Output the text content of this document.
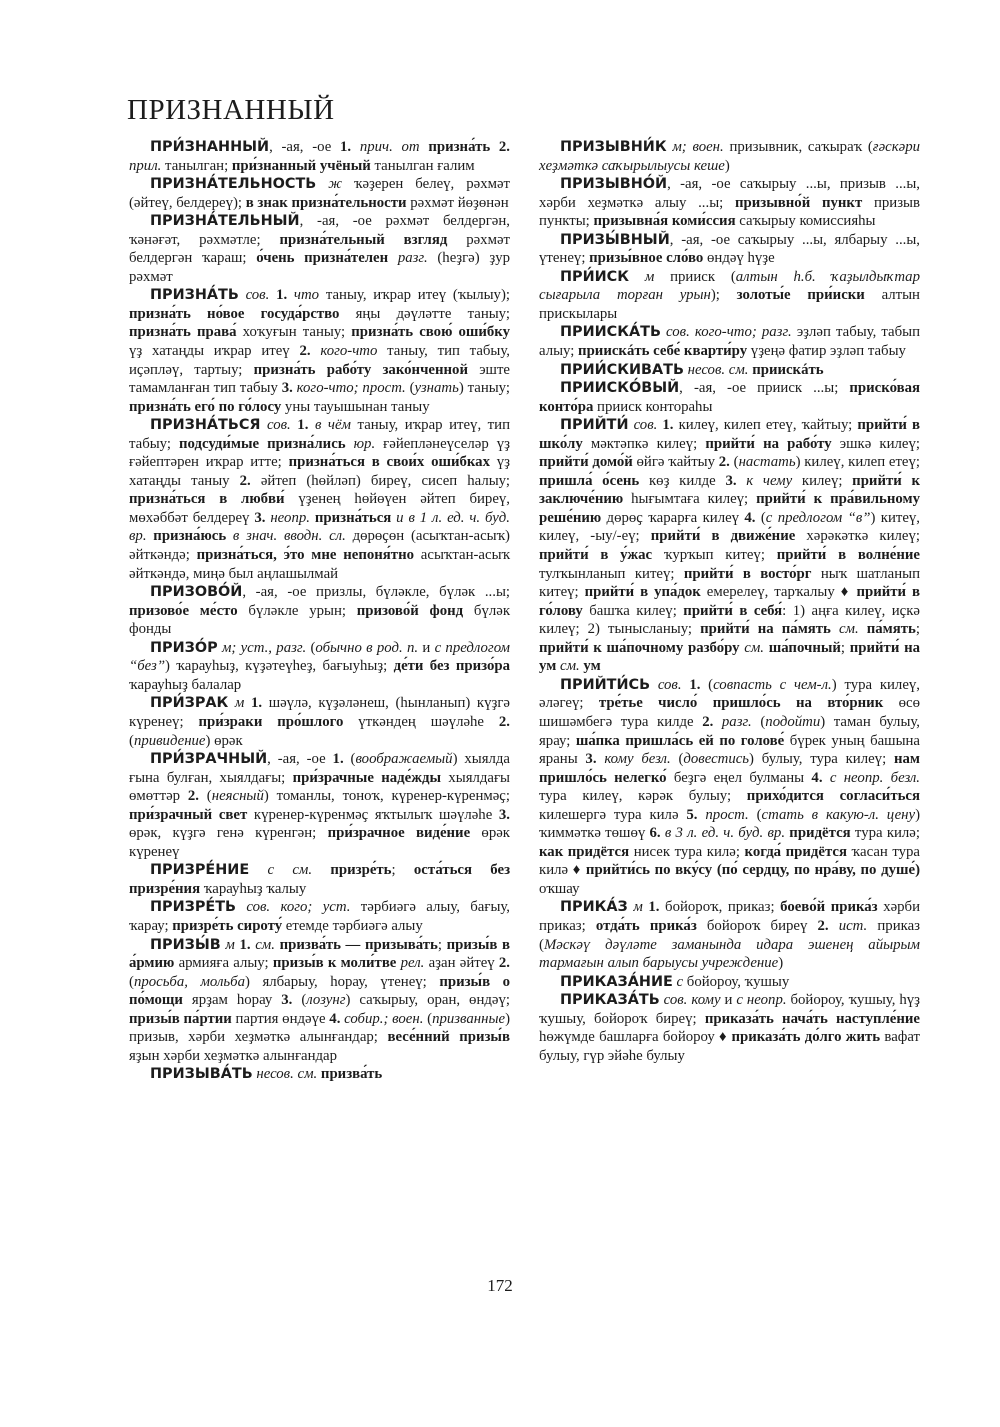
ПРИЗНАННЫЙ

ПРИ́ЗНАННЫЙ, -ая, -ое 1. прич. от призна́ть 2. прил. танылган; при́знанный учёный танылган ғалим

ПРИЗНА́ТЕЛЬНОСТЬ ж ҡәҙерен белеү, рәхмәт (әйтеү, белдереү); в знак призна́тельности рәхмәт йөҙөнән

ПРИЗНА́ТЕЛЬНЫЙ, -ая, -ое рәхмәт белдергән, ҡәнәғәт, рәхмәтле; призна́тельный взгляд рәхмәт белдергән ҡараш; о́чень призна́телен разг. (һеҙгә) ҙур рәхмәт

ПРИЗНА́ТЬ сов. 1. что таныу, иҡрар итеү (ҡылыу); призна́ть но́вое госуда́рство яңы дәүләтте таныу; призна́ть права́ хоҡуғын таныу; призна́ть свою́ оши́бку үҙ хатаңды иҡрар итеү 2. кого-что таныу, тип табыу, иҫәпләү, тартыу; призна́ть рабо́ту зако́нченной эште тамамланған тип табыу 3. кого-что; прост. (узнать) таныу; призна́ть его́ по го́лосу уны тауышынан таныу

ПРИЗНА́ТЬСЯ сов. 1. в чём таныу, иҡрар итеү, тип табыу; подсуди́мые призна́лись юр. ғәйепләнеүселәр үҙ ғәйептәрен иҡрар итте; призна́ться в свои́х оши́бках үҙ хатаңды таныу 2. әйтеп (һөйләп) биреү, сисеп һалыу; призна́ться в любви́ үҙенең һөйөүен әйтеп биреү, мөхәббәт белдереү 3. неопр. призна́ться и в 1 л. ед. ч. буд. вр. призна́юсь в знач. вводн. сл. дөрөҫөн (асыҡтан-асыҡ) әйткәндә; призна́ться, э́то мне непоня́тно асыҡтан-асыҡ әйткәндә, миңә был аңлашылмай

ПРИЗОВО́Й, -ая, -ое призлы, бүләкле, бүләк ...ы; призово́е ме́сто бүләкле урын; призово́й фонд бүләк фонды

ПРИЗО́Р м; уст., разг. (обычно в род. п. и с предлогом “без”) ҡарауһыҙ, күҙәтеүһеҙ, бағыуһыҙ; де́ти без призо́ра ҡарауһыҙ балалар

ПРИ́ЗРАК м 1. шәүлә, күҙәләнеш, (һынланып) күҙгә күренеү; при́зраки про́шлого үткәндең шәүләһе 2. (привидение) өрәк

ПРИ́ЗРАЧНЫЙ, -ая, -ое 1. (воображаемый) хыялда ғына булған, хыялдағы; при́зрачные наде́жды хыялдағы өмөттәр 2. (неясный) томанлы, тоноҡ, күренер-күренмәҫ; при́зрачный свет күренер-күренмәҫ яҡтылыҡ шәүләһе 3. өрәк, күҙгә генә күренгән; при́зрачное виде́ние өрәк күренеү

ПРИЗРЕ́НИЕ с см. призре́ть; оста́ться без призре́ния ҡарауһыҙ ҡалыу

ПРИЗРЕ́ТЬ сов. кого; уст. тәрбиәгә алыу, бағыу, ҡарау; призре́ть сироту́ етемде тәрбиәгә алыу

ПРИЗЫ́В м 1. см. призва́ть — призыва́ть; призы́в в а́рмию армияға алыу; призы́в к моли́тве рел. аҙан әйтеү 2. (просьба, мольба) ялбарыу, һорау, үтенеү; призы́в о по́мощи ярҙам һорау 3. (лозунг) саҡырыу, оран, өндәү; призы́в па́ртии партия өндәүе 4. собир.; воен. (призванные) призыв, хәрби хеҙмәткә алынғандар; весе́нний призы́в яҙын хәрби хеҙмәткә алынғандар

ПРИЗЫВА́ТЬ несов. см. призва́ть

ПРИЗЫВНИ́К м; воен. призывник, саҡыраҡ (ғәскәри хеҙмәткә саҡырылыусы кеше)

ПРИЗЫВНО́Й, -ая, -ое саҡырыу ...ы, призыв ...ы, хәрби хеҙмәткә алыу ...ы; призывно́й пункт призыв пункты; призывна́я коми́ссия саҡырыу комиссияһы

ПРИЗЫ́ВНЫЙ, -ая, -ое саҡырыу ...ы, ялбарыу ...ы, үтенеү; призы́вное сло́во өндәү һүҙе

ПРИ́ИСК м прииск (алтын һ.б. ҡаҙылдыҡтар сығарыла торған урын); золоты́е при́иски алтын прискылары

ПРИИСКА́ТЬ сов. кого-что; разг. эҙләп табыу, табып алыу; приискáть себе́ кварти́ру үҙеңә фатир эҙләп табыу

ПРИИ́СКИВАТЬ несов. см. приискáть

ПРИИСКО́ВЫЙ, -ая, -ое прииск ...ы; приско́вая конто́ра прииск конторaһы

ПРИЙТИ́ сов. 1. килеү, килеп етеү, ҡайтыу; прийти́ в шко́лу мәктәпкә килеү; прийти́ на рабо́ту эшкә килеү; прийти́ домо́й өйгә ҡайтыу 2. (настать) килеү, килеп етеү; пришла́ о́сень көҙ килде 3. к чему килеү; прийти́ к заключе́нию һығымтаға килеү; прийти́ к пра́вильному реше́нию дөрөҫ ҡарарға килеү 4. (с предлогом “в”) китеү, килеү, -ыу/-еү; прийти́ в движе́ние хәрәкәткә килеү; прийти́ в у́жас ҡурҡып китеү; прийти́ в волне́ние тулҡынланып китеү; прийти́ в восто́рг ныҡ шатланып китеү; прийти́ в упа́док емерелеү, тарҡалыу ♦ прийти́ в го́лову башҡа килеү; прийти́ в себя́: 1) аңға килеү, иҫкә килеү; 2) тынысланыу; прийти́ на па́мять см. па́мять; прийти́ к ша́почному разбо́ру см. ша́почный; прийти́ на ум см. ум

ПРИЙТИ́СЬ сов. 1. (совпасть с чем-л.) тура килеү, әләгеү; тре́тье число́ пришло́сь на вто́рник өсө шишәмбегә тура килде 2. разг. (подойти) таман булыу, ярау; ша́пка пришла́сь ей по голове́ бүрек уның башына яраны 3. кому безл. (довестись) булыу, тура килеү; нам пришло́сь нелегко́ беҙгә еңел булманы 4. с неопр. безл. тура килеү, кәрәк булыу; прихо́дится согласи́ться килешергә тура килә 5. прост. (стать в какую-л. цену) ҡиммәткә төшөү 6. в 3 л. ед. ч. буд. вр. придётся тура килә; как придётся нисек тура килә; когда́ придётся ҡасан тура килә ♦ прийти́сь по вку́су (по́ сердцу, по нра́ву, по душе́) оҡшау

ПРИКА́З м 1. бойороҡ, приказ; боево́й прика́з хәрби приказ; отда́ть прика́з бойороҡ биреү 2. ист. приказ (Мәскәү дәүләте заманында идара эшенең айырым тармағын алып барыусы учреждение)

ПРИКАЗА́НИЕ с бойороу, ҡушыу

ПРИКАЗА́ТЬ сов. кому и с неопр. бойороу, ҡушыу, һүҙ ҡушыу, бойороҡ биреү; приказа́ть нача́ть наступле́ние һөжүмде башларға бойороу ♦ приказа́ть до́лго жить вафат булыу, гүр эйәһе булыу

172
